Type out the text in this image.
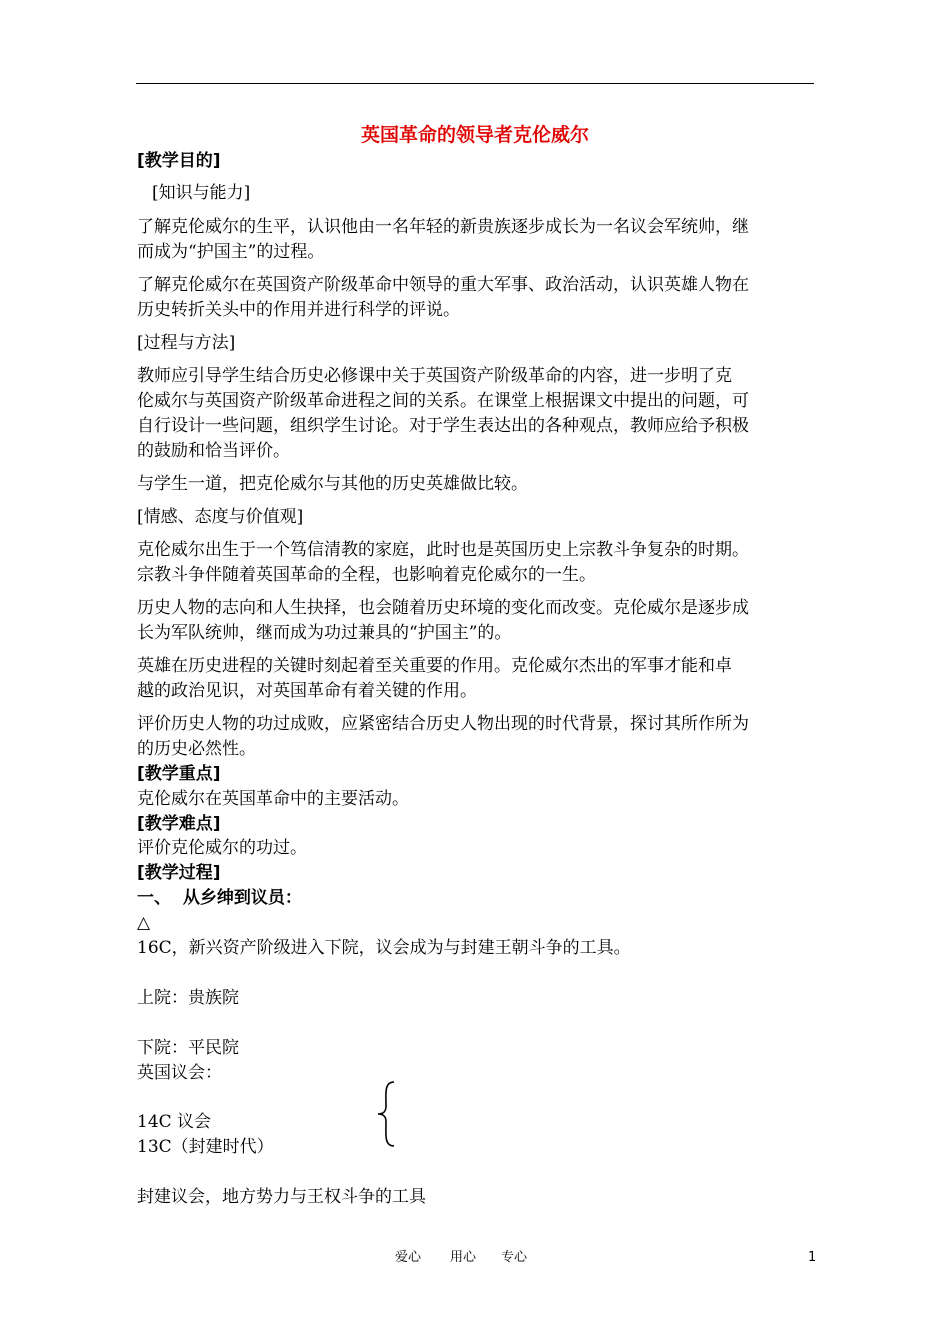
英国革命的领导者克伦威尔
[教学目的]
[知识与能力]
了解克伦威尔的生平，认识他由一名年轻的新贵族逐步成长为一名议会军统帅，继
而成为“护国主”的过程。
了解克伦威尔在英国资产阶级革命中领导的重大军事、政治活动，认识英雄人物在
历史转折关头中的作用并进行科学的评说。
[过程与方法]
教师应引导学生结合历史必修课中关于英国资产阶级革命的内容，进一步明了克
伦威尔与英国资产阶级革命进程之间的关系。在课堂上根据课文中提出的问题，可
自行设计一些问题，组织学生讨论。对于学生表达出的各种观点，教师应给予积极
的鼓励和恰当评价。
与学生一道，把克伦威尔与其他的历史英雄做比较。
[情感、态度与价值观]
克伦威尔出生于一个笃信清教的家庭，此时也是英国历史上宗教斗争复杂的时期。
宗教斗争伴随着英国革命的全程，也影响着克伦威尔的一生。
历史人物的志向和人生抉择，也会随着历史环境的变化而改变。克伦威尔是逐步成
长为军队统帅，继而成为功过兼具的“护国主”的。
英雄在历史进程的关键时刻起着至关重要的作用。克伦威尔杰出的军事才能和卓
越的政治见识，对英国革命有着关键的作用。
评价历史人物的功过成败，应紧密结合历史人物出现的时代背景，探讨其所作所为
的历史必然性。
[教学重点]
克伦威尔在英国革命中的主要活动。
[教学难点]
评价克伦威尔的功过。
[教学过程]
一、  从乡绅到议员：
△
16C，新兴资产阶级进入下院，议会成为与封建王朝斗争的工具。
上院：贵族院
下院：平民院
英国议会：
14C 议会
13C（封建时代）
封建议会，地方势力与王权斗争的工具
爱心 用心 专心	1
